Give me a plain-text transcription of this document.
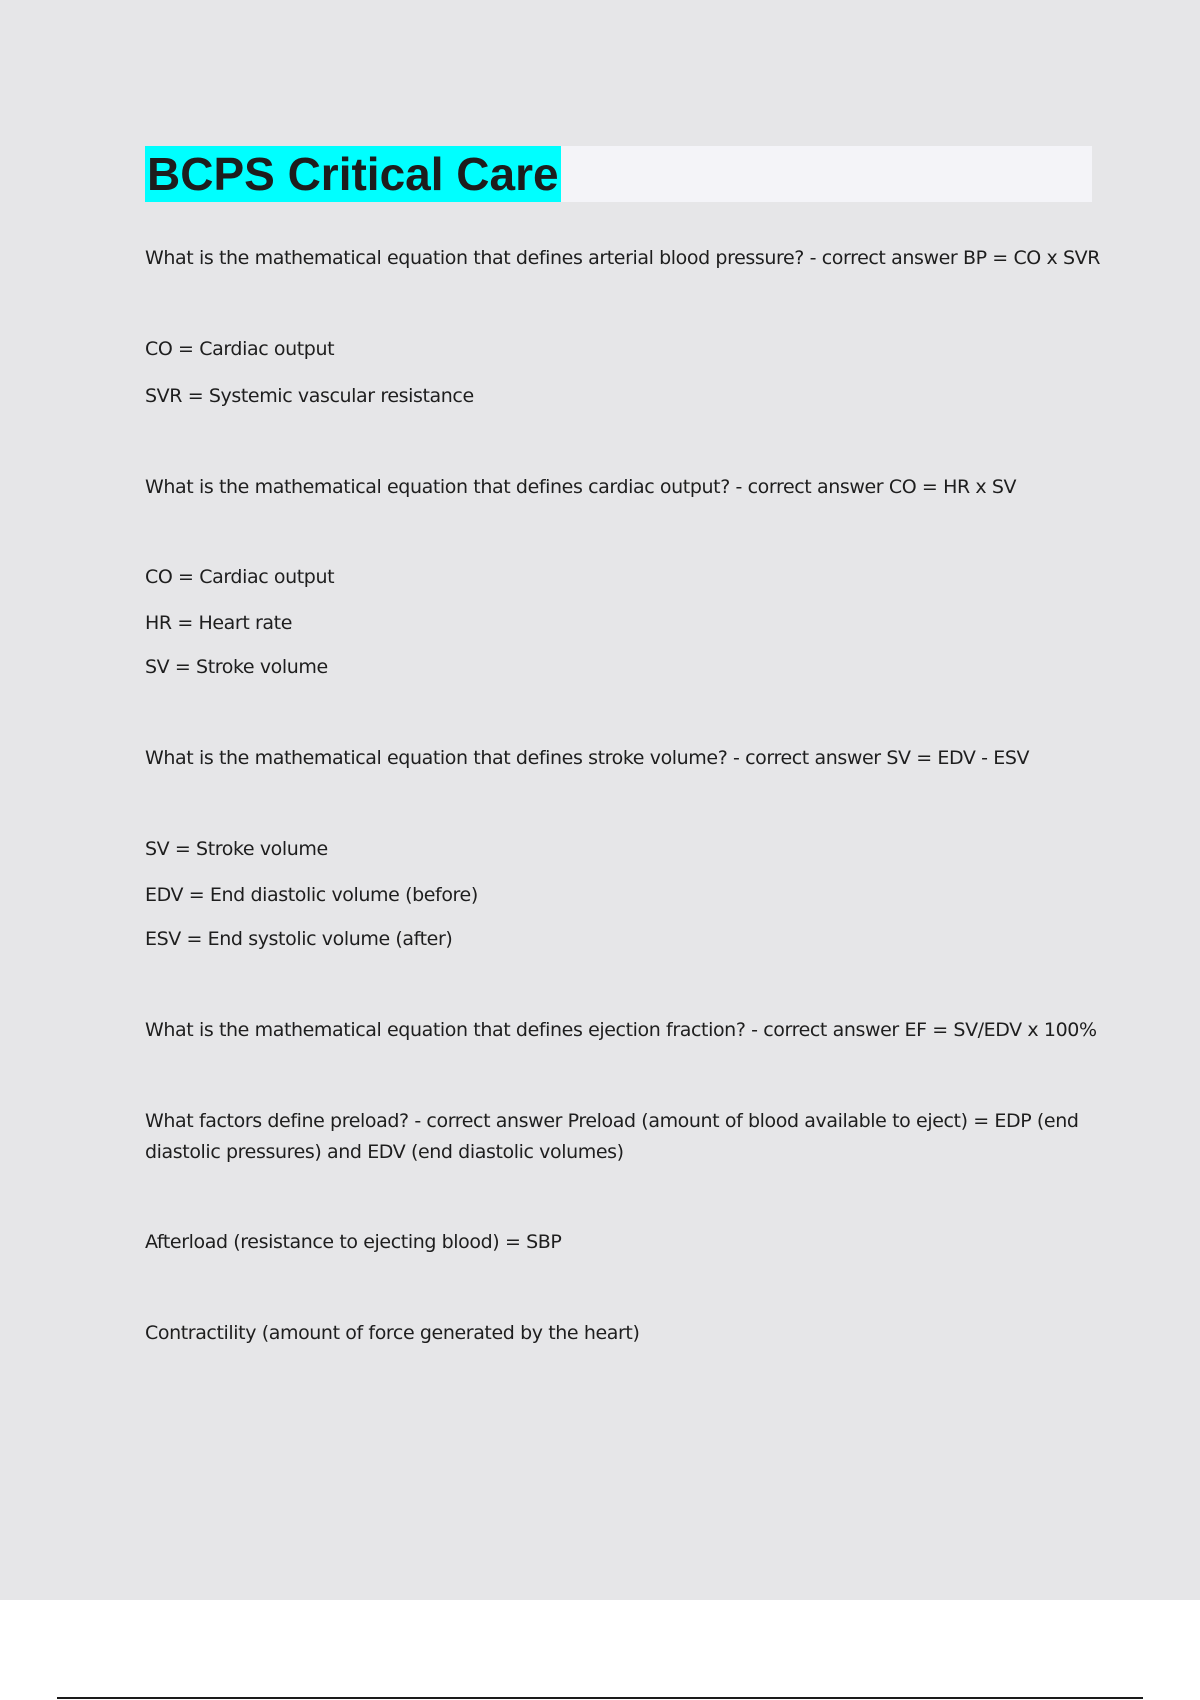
BCPS Critical Care
What is the mathematical equation that defines arterial blood pressure? - correct answer BP = CO x SVR
CO = Cardiac output
SVR = Systemic vascular resistance
What is the mathematical equation that defines cardiac output? - correct answer CO = HR x SV
CO = Cardiac output
HR = Heart rate
SV = Stroke volume
What is the mathematical equation that defines stroke volume? - correct answer SV = EDV - ESV
SV = Stroke volume
EDV = End diastolic volume (before)
ESV = End systolic volume (after)
What is the mathematical equation that defines ejection fraction? - correct answer EF = SV/EDV x 100%
What factors define preload? - correct answer Preload (amount of blood available to eject) = EDP (end
diastolic pressures) and EDV (end diastolic volumes)
Afterload (resistance to ejecting blood) = SBP
Contractility (amount of force generated by the heart)
